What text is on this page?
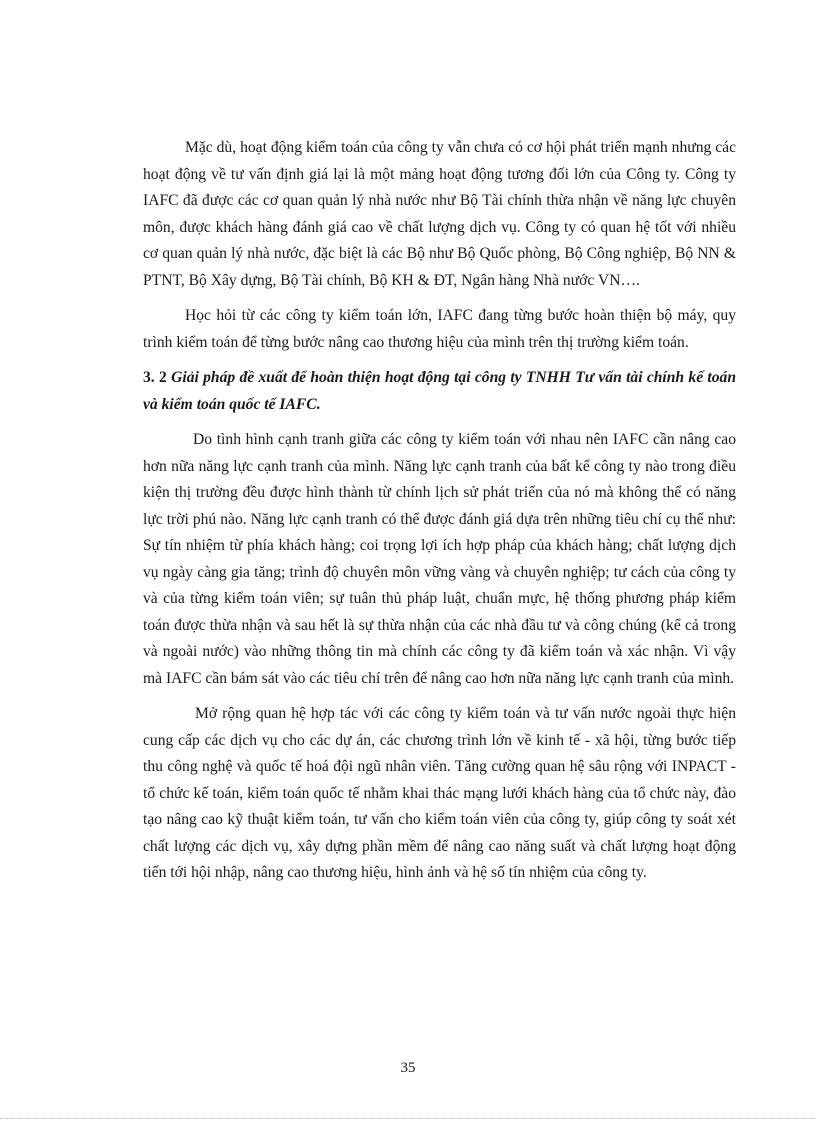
Mặc dù, hoạt động kiểm toán của công ty vẫn chưa có cơ hội phát triển mạnh nhưng các hoạt động về tư vấn định giá lại là một mảng hoạt động tương đối lớn của Công ty. Công ty IAFC đã được các cơ quan quản lý nhà nước như Bộ Tài chính thừa nhận về năng lực chuyên môn, được khách hàng đánh giá cao về chất lượng dịch vụ. Công ty có quan hệ tốt với nhiều cơ quan quản lý nhà nước, đặc biệt là các Bộ như Bộ Quốc phòng, Bộ Công nghiệp, Bộ NN & PTNT, Bộ Xây dựng, Bộ Tài chính, Bộ KH & ĐT, Ngân hàng Nhà nước VN….

Học hỏi từ các công ty kiểm toán lớn, IAFC đang từng bước hoàn thiện bộ máy, quy trình kiểm toán để từng bước nâng cao thương hiệu của mình trên thị trường kiểm toán.

3. 2 Giải pháp đề xuất để hoàn thiện hoạt động tại công ty TNHH Tư vấn tài chính kế toán và kiểm toán quốc tế IAFC.

Do tình hình cạnh tranh giữa các công ty kiểm toán với nhau nên IAFC cần nâng cao hơn nữa năng lực cạnh tranh của mình. Năng lực cạnh tranh của bất kể công ty nào trong điều kiện thị trường đều được hình thành từ chính lịch sử phát triển của nó mà không thể có năng lực trời phú nào. Năng lực cạnh tranh có thể được đánh giá dựa trên những tiêu chí cụ thể như: Sự tín nhiệm từ phía khách hàng; coi trọng lợi ích hợp pháp của khách hàng; chất lượng dịch vụ ngày càng gia tăng; trình độ chuyên môn vững vàng và chuyên nghiệp; tư cách của công ty và của từng kiểm toán viên; sự tuân thủ pháp luật, chuẩn mực, hệ thống phương pháp kiểm toán được thừa nhận và sau hết là sự thừa nhận của các nhà đầu tư và công chúng (kể cả trong và ngoài nước) vào những thông tin mà chính các công ty đã kiểm toán và xác nhận. Vì vậy mà IAFC cần bám sát vào các tiêu chí trên để nâng cao hơn nữa năng lực cạnh tranh của mình.

Mở rộng quan hệ hợp tác với các công ty kiểm toán và tư vấn nước ngoài thực hiện cung cấp các dịch vụ cho các dự án, các chương trình lớn về kinh tế - xã hội, từng bước tiếp thu công nghệ và quốc tế hoá đội ngũ nhân viên. Tăng cường quan hệ sâu rộng với INPACT - tổ chức kế toán, kiểm toán quốc tế nhằm khai thác mạng lưới khách hàng của tổ chức này, đào tạo nâng cao kỹ thuật kiểm toán, tư vấn cho kiểm toán viên của công ty, giúp công ty soát xét chất lượng các dịch vụ, xây dựng phần mềm để nâng cao năng suất và chất lượng hoạt động tiến tới hội nhập, nâng cao thương hiệu, hình ảnh và hệ số tín nhiệm của công ty.

35
